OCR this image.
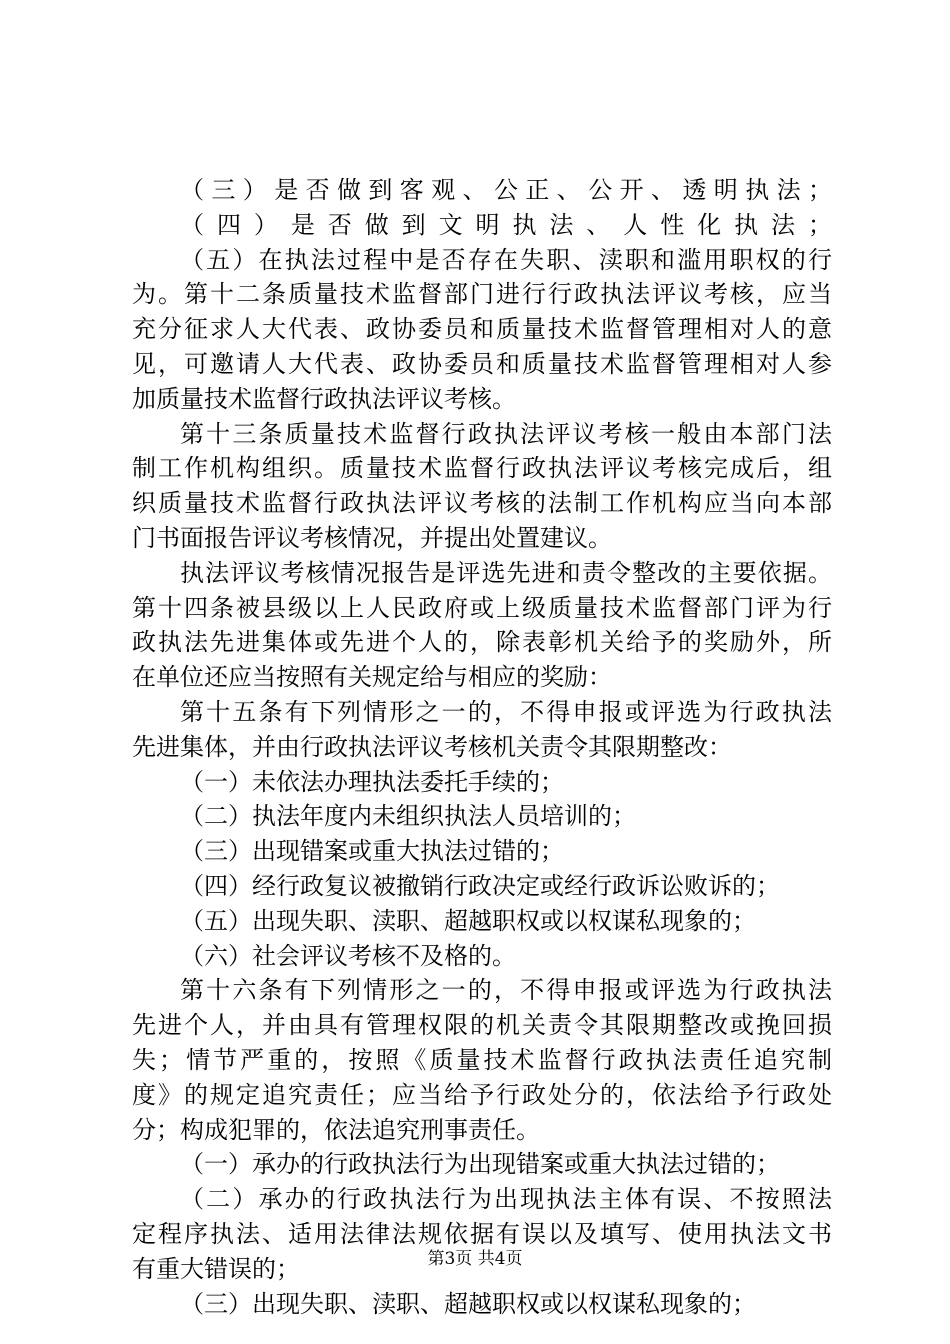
（三）是否做到客观、公正、公开、透明执法；
（四）是否做到文明执法、人性化执法；
（五）在执法过程中是否存在失职、渎职和滥用职权的行
为。第十二条质量技术监督部门进行行政执法评议考核，应当
充分征求人大代表、政协委员和质量技术监督管理相对人的意
见，可邀请人大代表、政协委员和质量技术监督管理相对人参
加质量技术监督行政执法评议考核。
第十三条质量技术监督行政执法评议考核一般由本部门法
制工作机构组织。质量技术监督行政执法评议考核完成后，组
织质量技术监督行政执法评议考核的法制工作机构应当向本部
门书面报告评议考核情况，并提出处置建议。
执法评议考核情况报告是评选先进和责令整改的主要依据。
第十四条被县级以上人民政府或上级质量技术监督部门评为行
政执法先进集体或先进个人的，除表彰机关给予的奖励外，所
在单位还应当按照有关规定给与相应的奖励：
第十五条有下列情形之一的，不得申报或评选为行政执法
先进集体，并由行政执法评议考核机关责令其限期整改：
（一）未依法办理执法委托手续的；
（二）执法年度内未组织执法人员培训的；
（三）出现错案或重大执法过错的；
（四）经行政复议被撤销行政决定或经行政诉讼败诉的；
（五）出现失职、渎职、超越职权或以权谋私现象的；
（六）社会评议考核不及格的。
第十六条有下列情形之一的，不得申报或评选为行政执法
先进个人，并由具有管理权限的机关责令其限期整改或挽回损
失；情节严重的，按照《质量技术监督行政执法责任追究制
度》的规定追究责任；应当给予行政处分的，依法给予行政处
分；构成犯罪的，依法追究刑事责任。
（一）承办的行政执法行为出现错案或重大执法过错的；
（二）承办的行政执法行为出现执法主体有误、不按照法
定程序执法、适用法律法规依据有误以及填写、使用执法文书
有重大错误的；
（三）出现失职、渎职、超越职权或以权谋私现象的；
第3页 共4页
